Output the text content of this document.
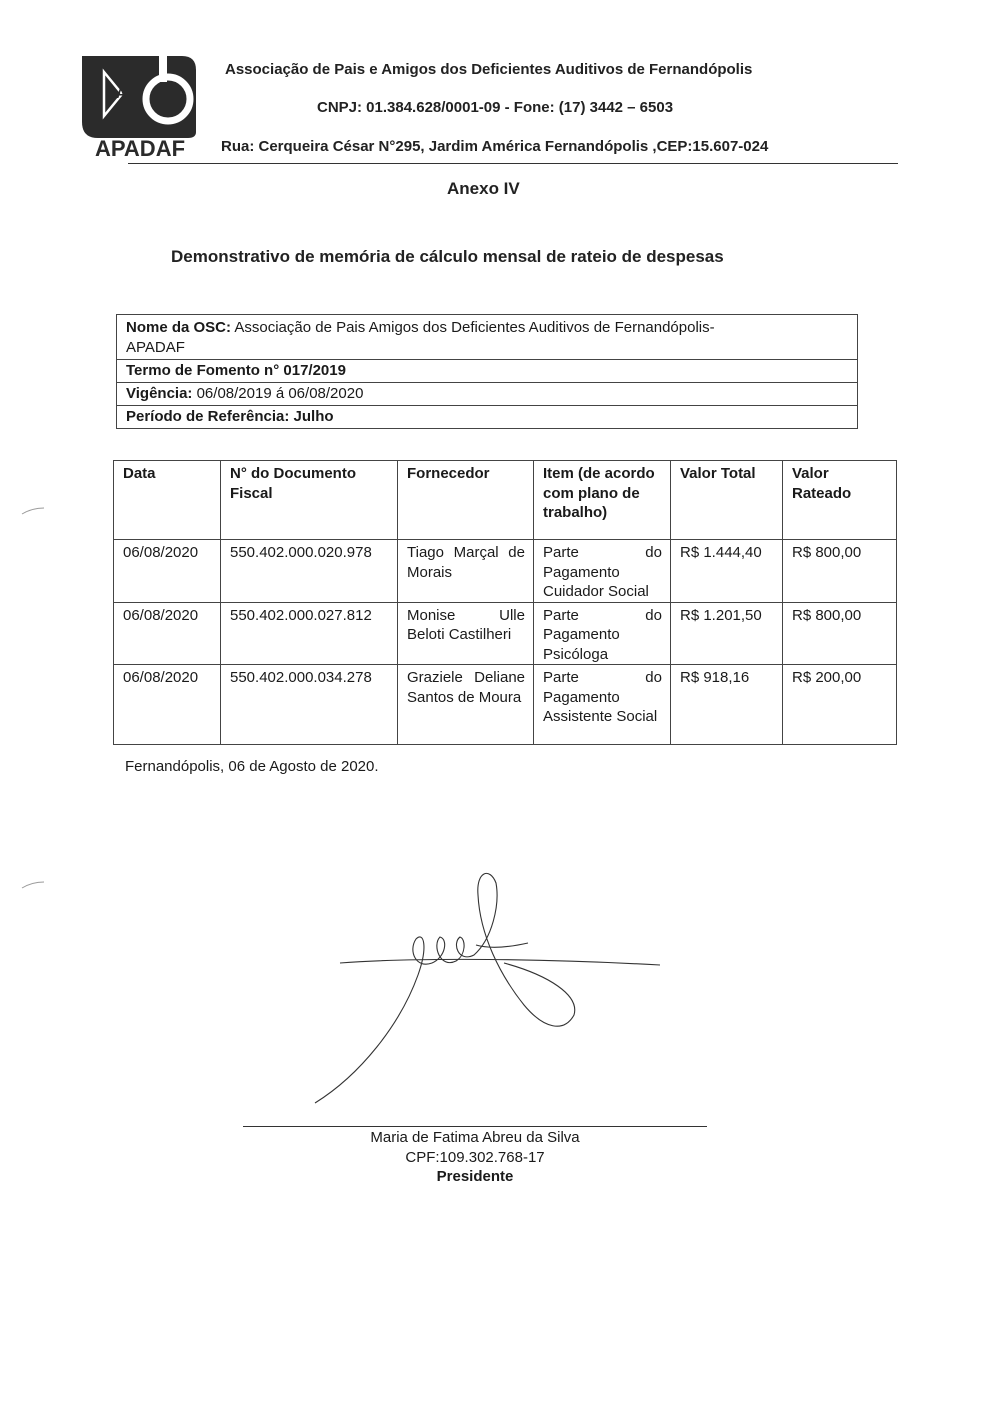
A
APADAF
Associação de Pais e Amigos dos Deficientes Auditivos de Fernandópolis
CNPJ: 01.384.628/0001-09 - Fone: (17) 3442 – 6503
Rua: Cerqueira César N°295, Jardim América Fernandópolis ,CEP:15.607-024
Anexo IV
Demonstrativo de memória de cálculo mensal de rateio de despesas
Nome da OSC: Associação de Pais Amigos dos Deficientes Auditivos de Fernandópolis-
APADAF
Termo de Fomento n° 017/2019
Vigência: 06/08/2019 á 06/08/2020
Período de Referência: Julho
Data	N° do Documento Fiscal	Fornecedor	Item (de acordo com plano de trabalho)	Valor Total	Valor Rateado
06/08/2020	550.402.000.020.978	Tiago Marçal de Morais	Parte do Pagamento Cuidador Social	R$ 1.444,40	R$ 800,00
06/08/2020	550.402.000.027.812	Monise Ulle Beloti Castilheri	Parte do Pagamento Psicóloga	R$ 1.201,50	R$ 800,00
06/08/2020	550.402.000.034.278	Graziele Deliane Santos de Moura	Parte do Pagamento Assistente Social	R$ 918,16	R$ 200,00
Fernandópolis, 06 de Agosto de 2020.
Maria de Fatima Abreu da Silva
CPF:109.302.768-17
Presidente
